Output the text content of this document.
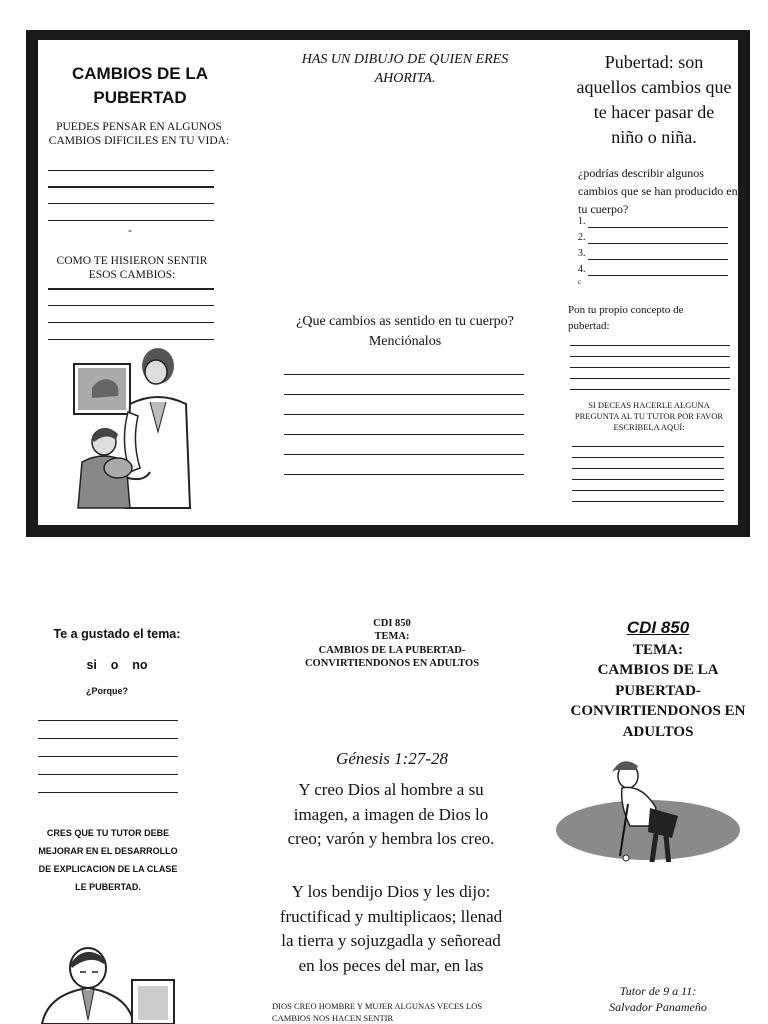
CAMBIOS DE LA PUBERTAD
PUEDES PENSAR EN ALGUNOS CAMBIOS DIFICILES EN TU VIDA:
-
COMO TE HISIERON SENTIR ESOS CAMBIOS:
HAS UN DIBUJO DE QUIEN ERES AHORITA.
¿Que cambios as sentido en tu cuerpo? Menciónalos
Pubertad: son aquellos cambios que te hacer pasar de niño o niña.
¿podrías describir algunos cambios que se han producido en tu cuerpo?
1.
2.
3.
4.
c
Pon tu propio concepto de pubertad:
SI DECEAS HACERLE ALGUNA PREGUNTA AL TU TUTOR POR FAVOR ESCRIBELA AQUÍ:
Te a gustado el tema:
si    o    no
¿Porque?
CRES QUE TU TUTOR DEBE MEJORAR EN EL DESARROLLO DE EXPLICACION DE LA CLASE LE PUBERTAD.
CDI 850
TEMA:
CAMBIOS DE LA PUBERTAD-CONVIRTIENDONOS EN ADULTOS
Génesis 1:27-28
Y creo Dios al hombre a su imagen, a imagen de Dios lo creo; varón y hembra los creo.
Y los bendijo Dios y les dijo: fructificad y multiplicaos; llenad la tierra y sojuzgadla y señoread en los peces del mar, en las
DIOS CREO HOMBRE Y MUJER ALGUNAS VECES LOS CAMBIOS NOS HACEN SENTIR
CDI 850
TEMA:
CAMBIOS DE LA PUBERTAD-CONVIRTIENDONOS EN ADULTOS
Tutor de 9 a 11:
Salvador Panameño
